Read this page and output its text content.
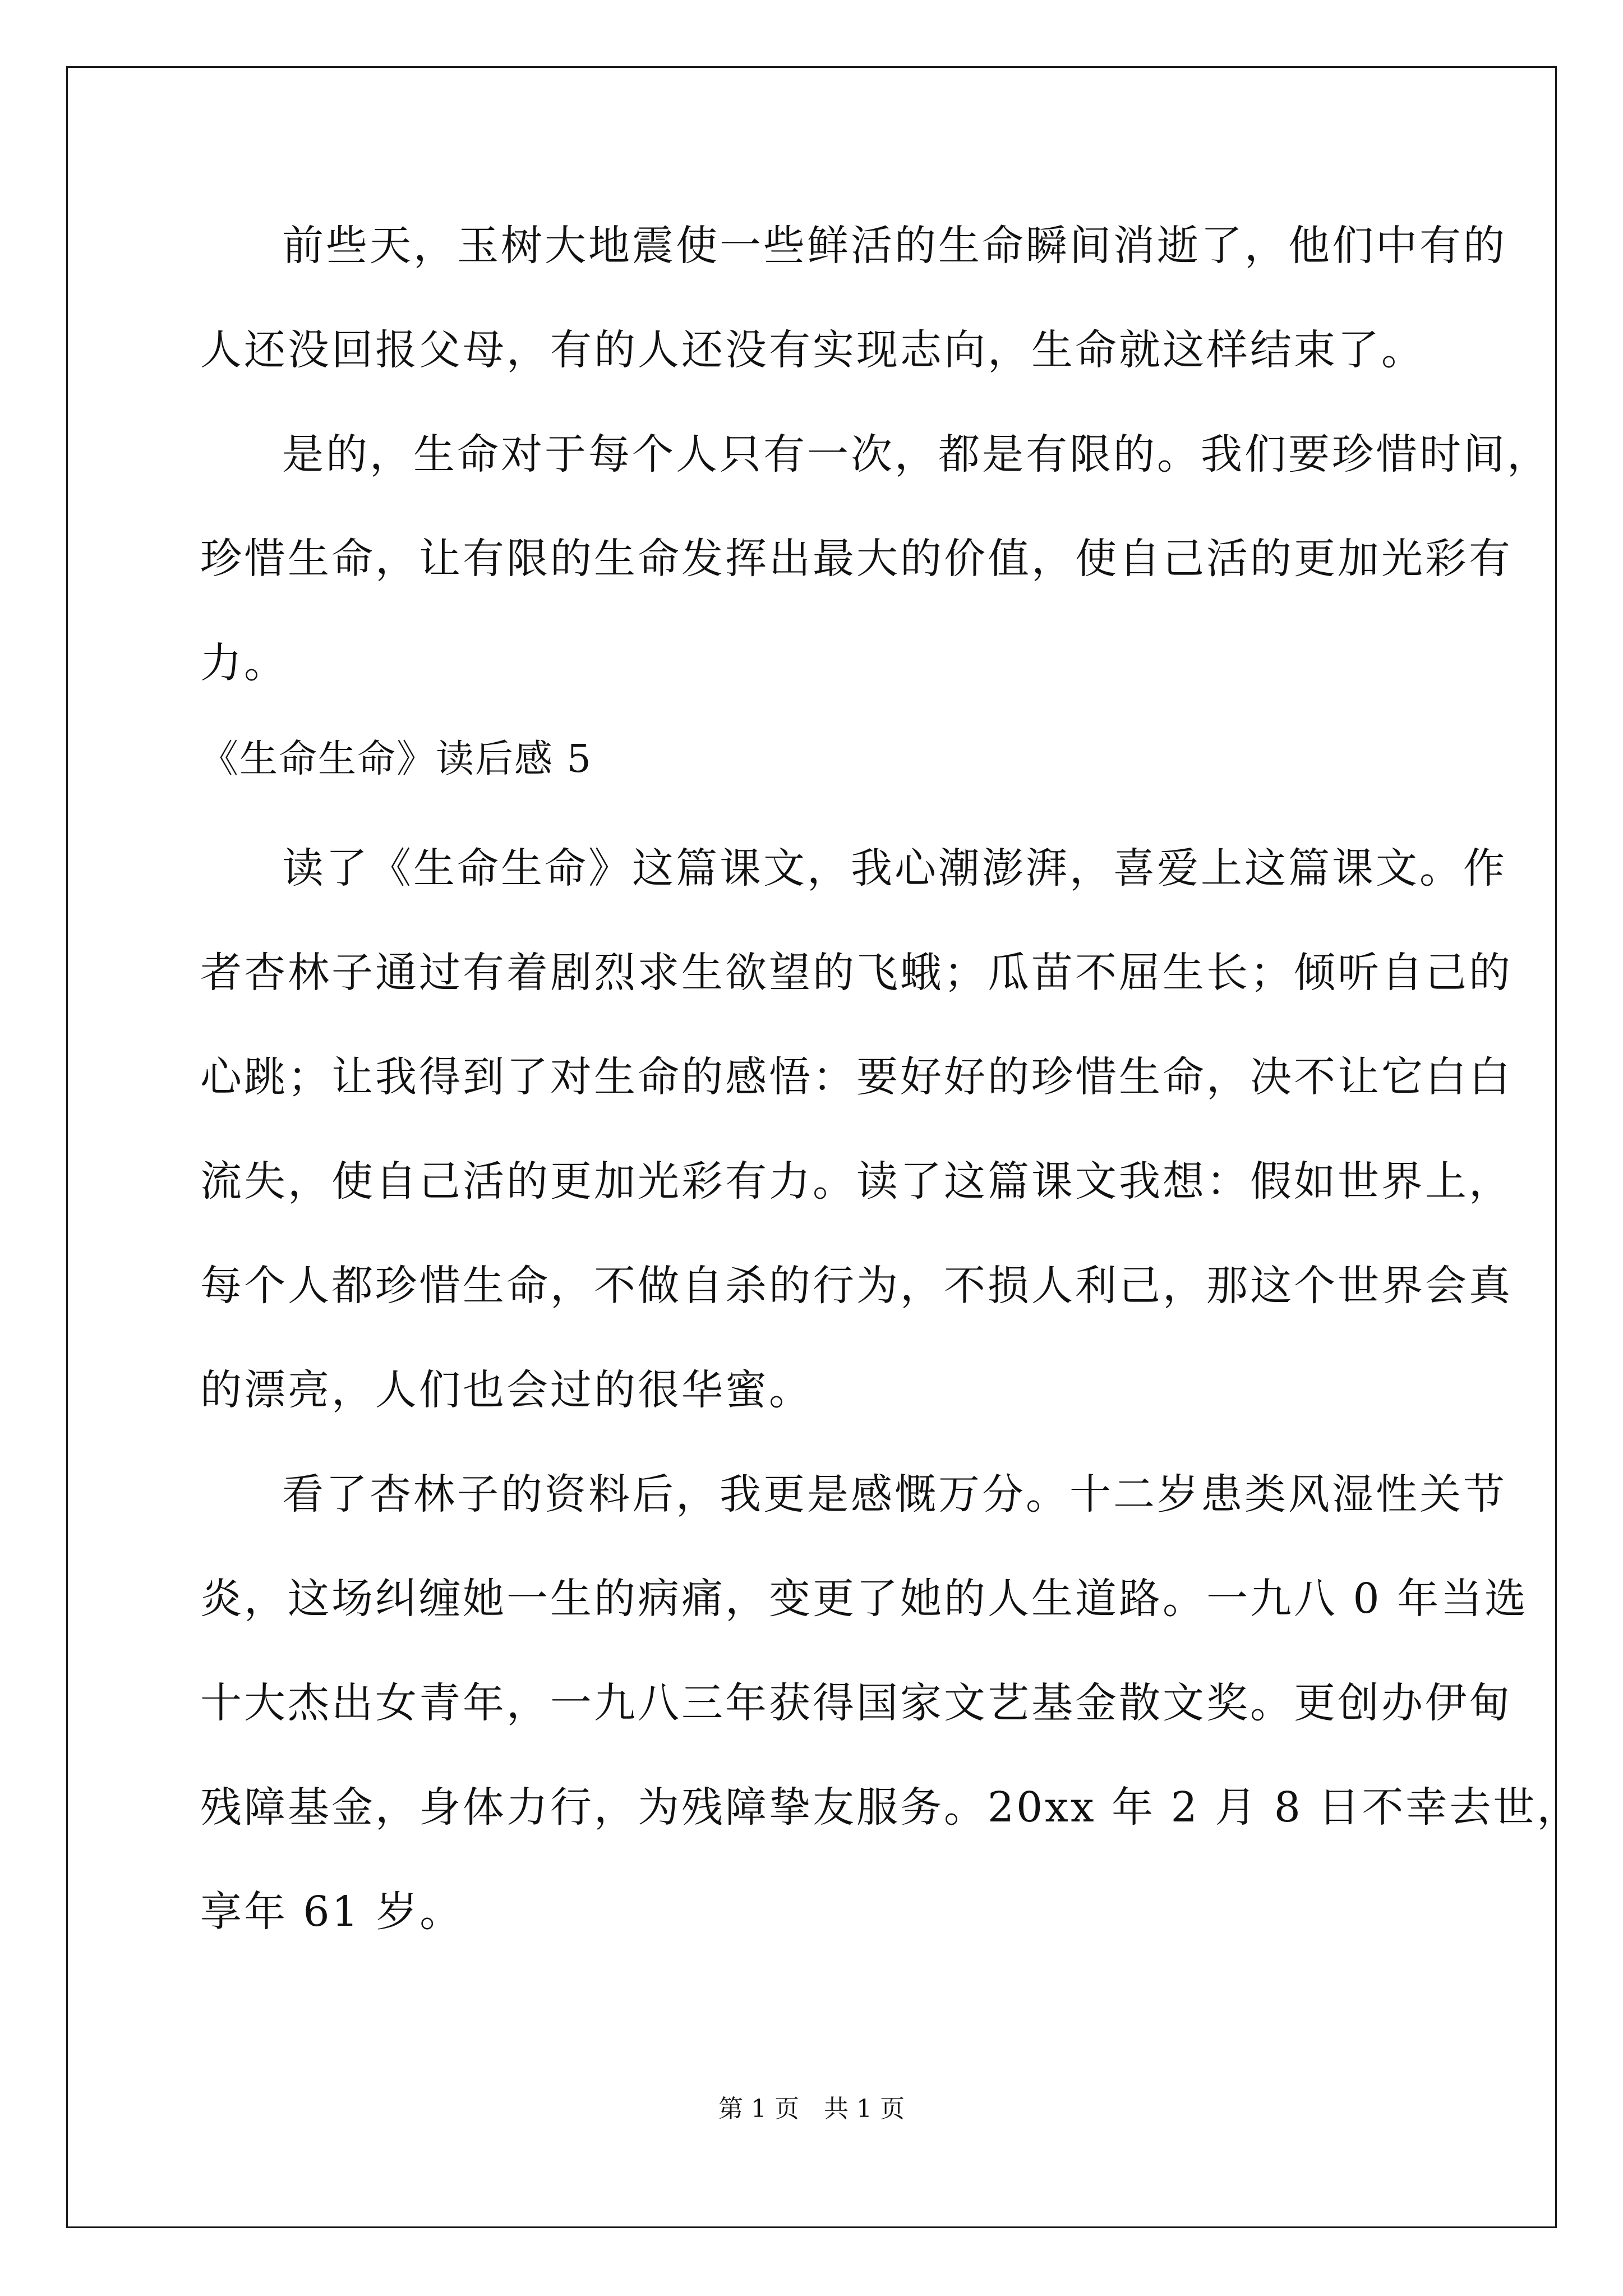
前些天，玉树大地震使一些鲜活的生命瞬间消逝了，他们中有的
人还没回报父母，有的人还没有实现志向，生命就这样结束了。
是的，生命对于每个人只有一次，都是有限的。我们要珍惜时间，
珍惜生命，让有限的生命发挥出最大的价值，使自己活的更加光彩有
力。
《生命生命》读后感 5
读了《生命生命》这篇课文，我心潮澎湃，喜爱上这篇课文。作
者杏林子通过有着剧烈求生欲望的飞蛾；瓜苗不屈生长；倾听自己的
心跳；让我得到了对生命的感悟：要好好的珍惜生命，决不让它白白
流失，使自己活的更加光彩有力。读了这篇课文我想：假如世界上，
每个人都珍惜生命，不做自杀的行为，不损人利己，那这个世界会真
的漂亮，人们也会过的很华蜜。
看了杏林子的资料后，我更是感慨万分。十二岁患类风湿性关节
炎，这场纠缠她一生的病痛，变更了她的人生道路。一九八 0 年当选
十大杰出女青年，一九八三年获得国家文艺基金散文奖。更创办伊甸
残障基金，身体力行，为残障挚友服务。20xx 年 2 月 8 日不幸去世，
享年 61 岁。
第 1 页　共 1 页
